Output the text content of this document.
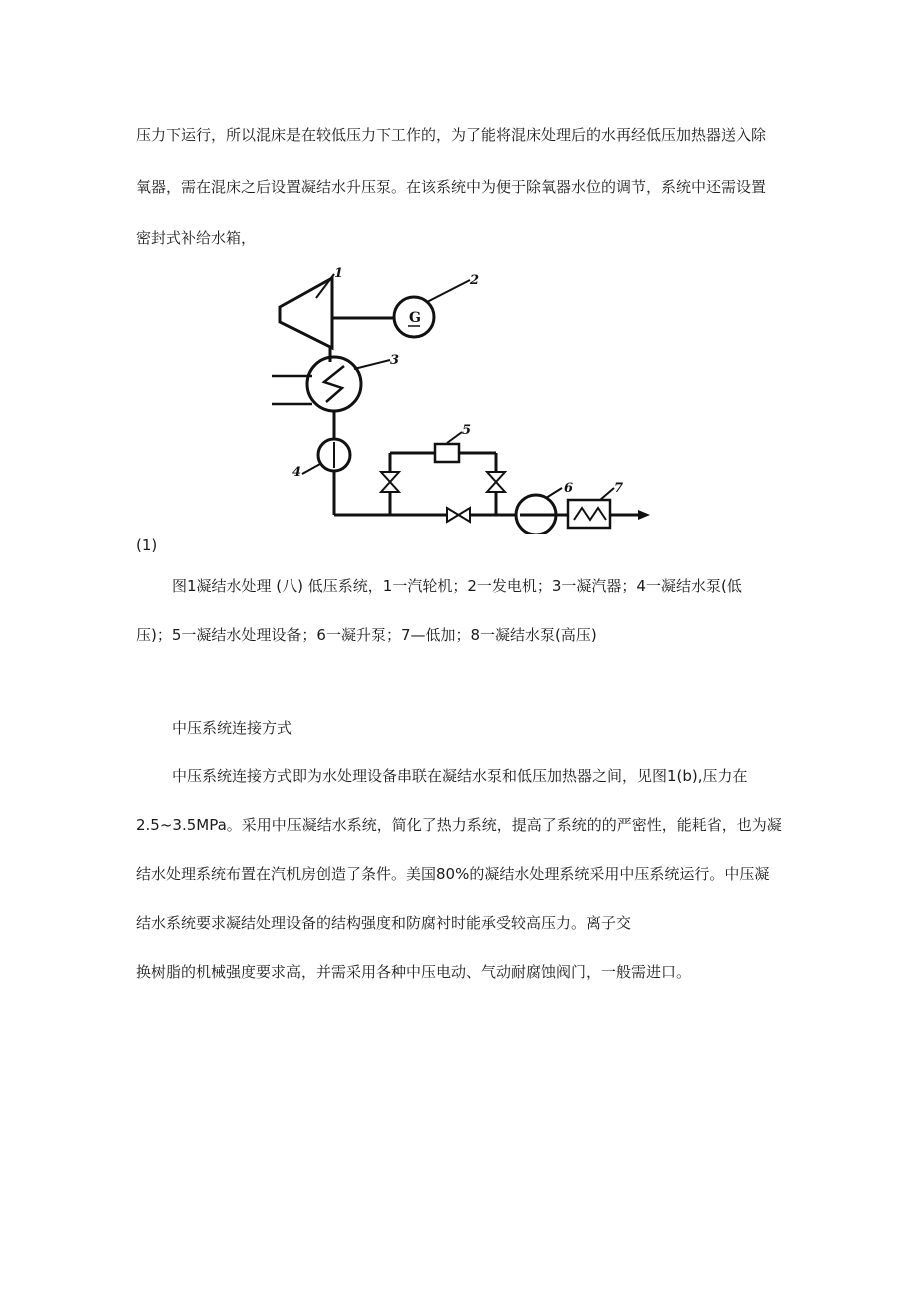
压力下运行，所以混床是在较低压力下工作的，为了能将混床处理后的水再经低压加热器送入除
氧器，需在混床之后设置凝结水升压泵。在该系统中为便于除氧器水位的调节，系统中还需设置
密封式补给水箱，
1	2
3
4
5
6	7
G
(1)
图1凝结水处理 (八) 低压系统，1一汽轮机；2一发电机；3一凝汽器；4一凝结水泵(低
压)；5一凝结水处理设备；6一凝升泵；7—低加；8一凝结水泵(高压)
中压系统连接方式
中压系统连接方式即为水处理设备串联在凝结水泵和低压加热器之间，见图1(b),压力在
2.5~3.5MPa。采用中压凝结水系统，简化了热力系统，提高了系统的的严密性，能耗省，也为凝
结水处理系统布置在汽机房创造了条件。美国80%的凝结水处理系统采用中压系统运行。中压凝
结水系统要求凝结处理设备的结构强度和防腐衬时能承受较高压力。离子交
换树脂的机械强度要求高，并需采用各种中压电动、气动耐腐蚀阀门，一般需进口。
